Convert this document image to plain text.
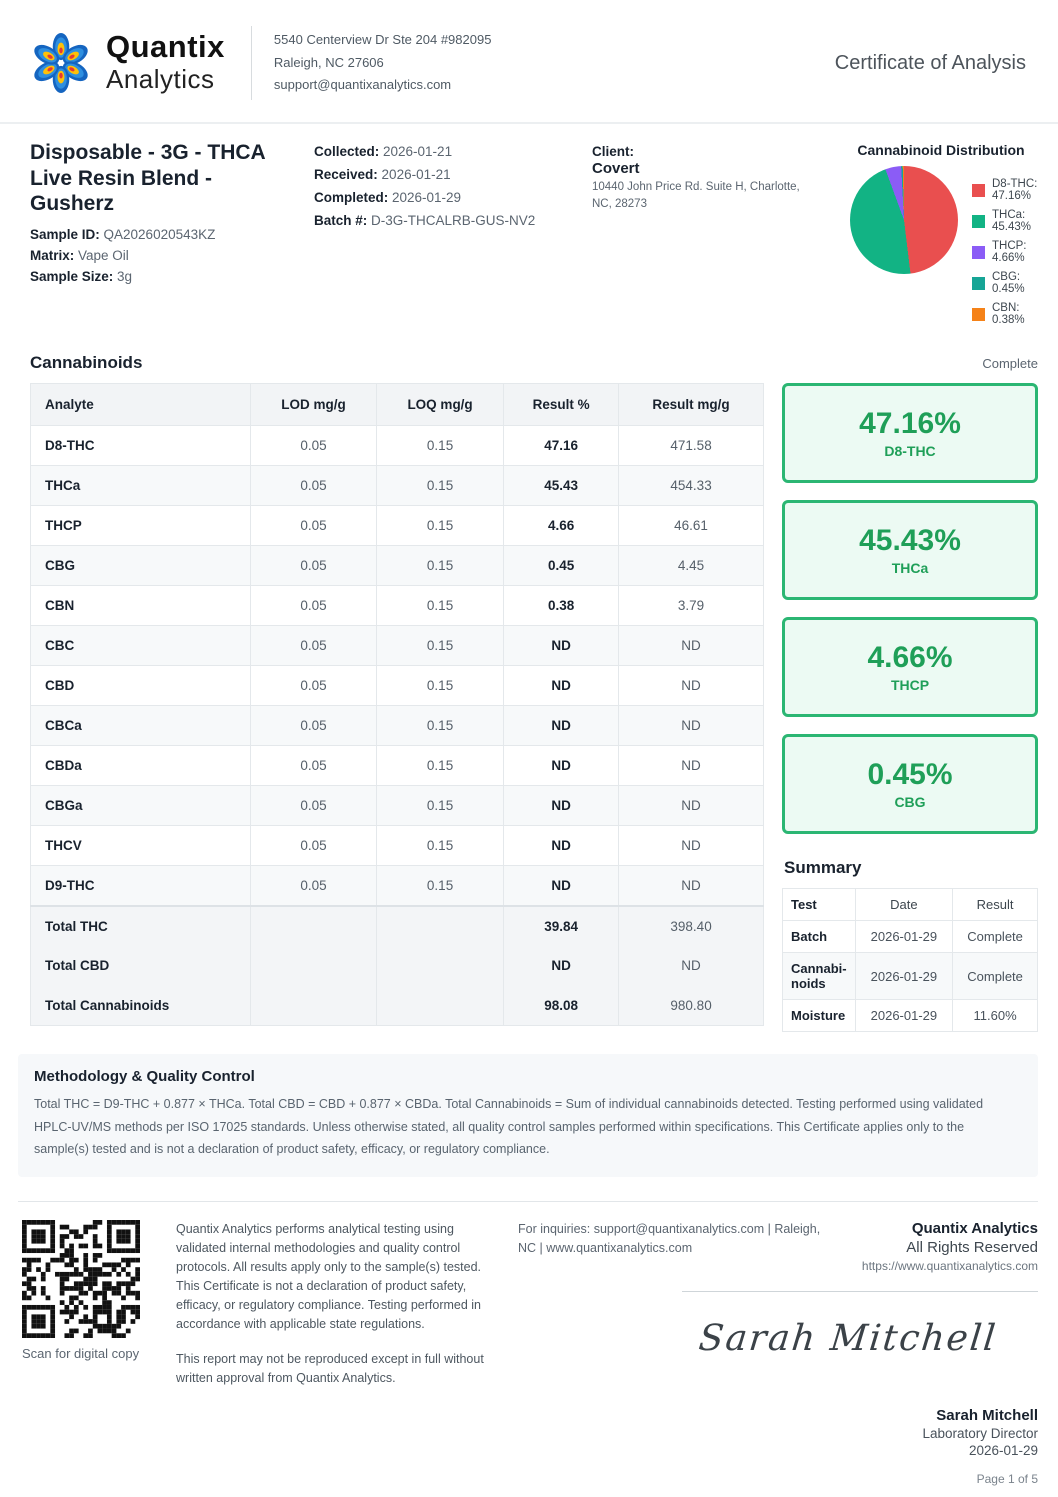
Quantix
Analytics
5540 Centerview Dr Ste 204 #982095
Raleigh, NC 27606
support@quantixanalytics.com
Certificate of Analysis
Disposable - 3G - THCA Live Resin Blend - Gusherz
Sample ID: QA2026020543KZ
Matrix: Vape Oil
Sample Size: 3g
Collected: 2026-01-21
Received: 2026-01-21
Completed: 2026-01-29
Batch #: D-3G-THCALRB-GUS-NV2
Client:
Covert
10440 John Price Rd. Suite H, Charlotte, NC, 28273
Cannabinoid Distribution
D8-THC: 47.16%
THCa: 45.43%
THCP: 4.66%
CBG: 0.45%
CBN: 0.38%
Cannabinoids	Complete
Analyte	LOD mg/g	LOQ mg/g	Result %	Result mg/g
D8-THC	0.05	0.15	47.16	471.58
THCa	0.05	0.15	45.43	454.33
THCP	0.05	0.15	4.66	46.61
CBG	0.05	0.15	0.45	4.45
CBN	0.05	0.15	0.38	3.79
CBC	0.05	0.15	ND	ND
CBD	0.05	0.15	ND	ND
CBCa	0.05	0.15	ND	ND
CBDa	0.05	0.15	ND	ND
CBGa	0.05	0.15	ND	ND
THCV	0.05	0.15	ND	ND
D9-THC	0.05	0.15	ND	ND
Total THC			39.84	398.40
Total CBD			ND	ND
Total Cannabinoids			98.08	980.80
47.16%
D8-THC
45.43%
THCa
4.66%
THCP
0.45%
CBG
Summary
Test	Date	Result
Batch	2026-01-29	Complete
Cannabi-noids	2026-01-29	Complete
Moisture	2026-01-29	11.60%
Methodology & Quality Control
Total THC = D9-THC + 0.877 × THCa. Total CBD = CBD + 0.877 × CBDa. Total Cannabinoids = Sum of individual cannabinoids detected. Testing performed using validated HPLC-UV/MS methods per ISO 17025 standards. Unless otherwise stated, all quality control samples performed within specifications. This Certificate applies only to the sample(s) tested and is not a declaration of product safety, efficacy, or regulatory compliance.
Scan for digital copy

Quantix Analytics performs analytical testing using validated internal methodologies and quality control protocols. All results apply only to the sample(s) tested. This Certificate is not a declaration of product safety, efficacy, or regulatory compliance. Testing performed in accordance with applicable state regulations.

This report may not be reproduced except in full without written approval from Quantix Analytics.

For inquiries: support@quantixanalytics.com | Raleigh, NC | www.quantixanalytics.com
Quantix Analytics
All Rights Reserved
https://www.quantixanalytics.com
Sarah Mitchell
Sarah Mitchell
Laboratory Director
2026-01-29
Page 1 of 5
